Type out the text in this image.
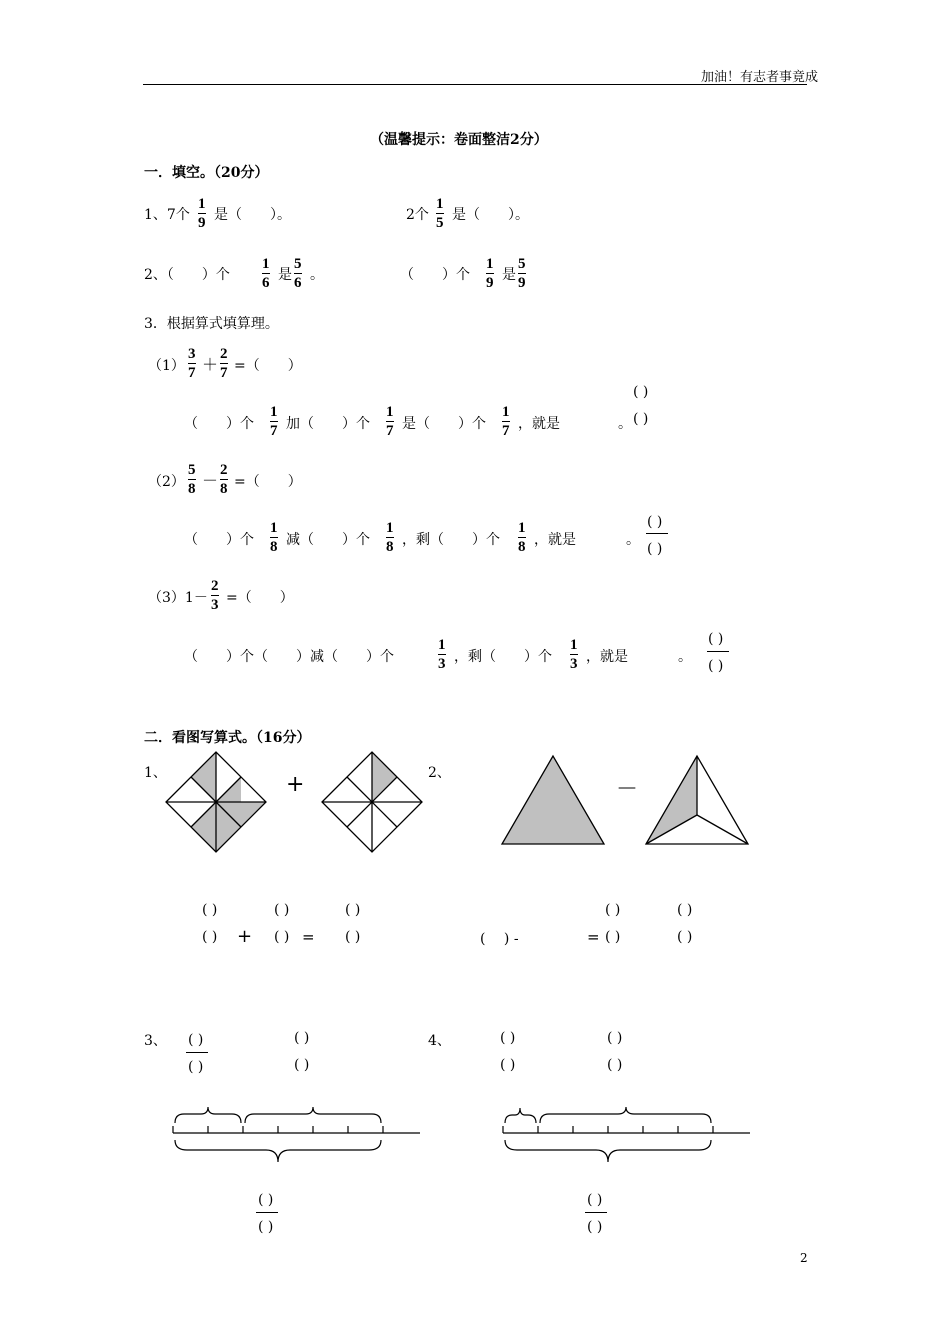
加油！有志者事竟成
（温馨提示：卷面整洁2分）
一．填空。（20分）
1、7个
1
9 是（　　）。	2个
1
5 是（　　）。
2、（　　）个
1
6 是
5
6 。	（　　）个
1
9 是
5
9
3．根据算式填算理。
（1）
3
7 ＋
2
7 =（　　）
（　　）个
1
7 加（　　）个
1
7 是（　　）个
1
7 ，就是	。
( )
( )
（2）
5
8 －
2
8 =（　　）
（　　）个
1
8 减（　　）个
1
8 ，剩（　　）个
1
8 ，就是	。
( )
( )
（3）1－
2
3 =（　　）
（　　）个（　　）减（　　）个
1
3 ，剩（　　）个
1
3 ，就是	。
( )
( )
二．看图写算式。（16分）
1、	+	2、
－
( )
( ) +
( )
( ) =
( )
( )	(　 ) -	=
( )
( )
( )
( )
3、 ( )
( )
( )
( )
( )
( )
4、	( )
( )
( )
( )
( )
( )
2
